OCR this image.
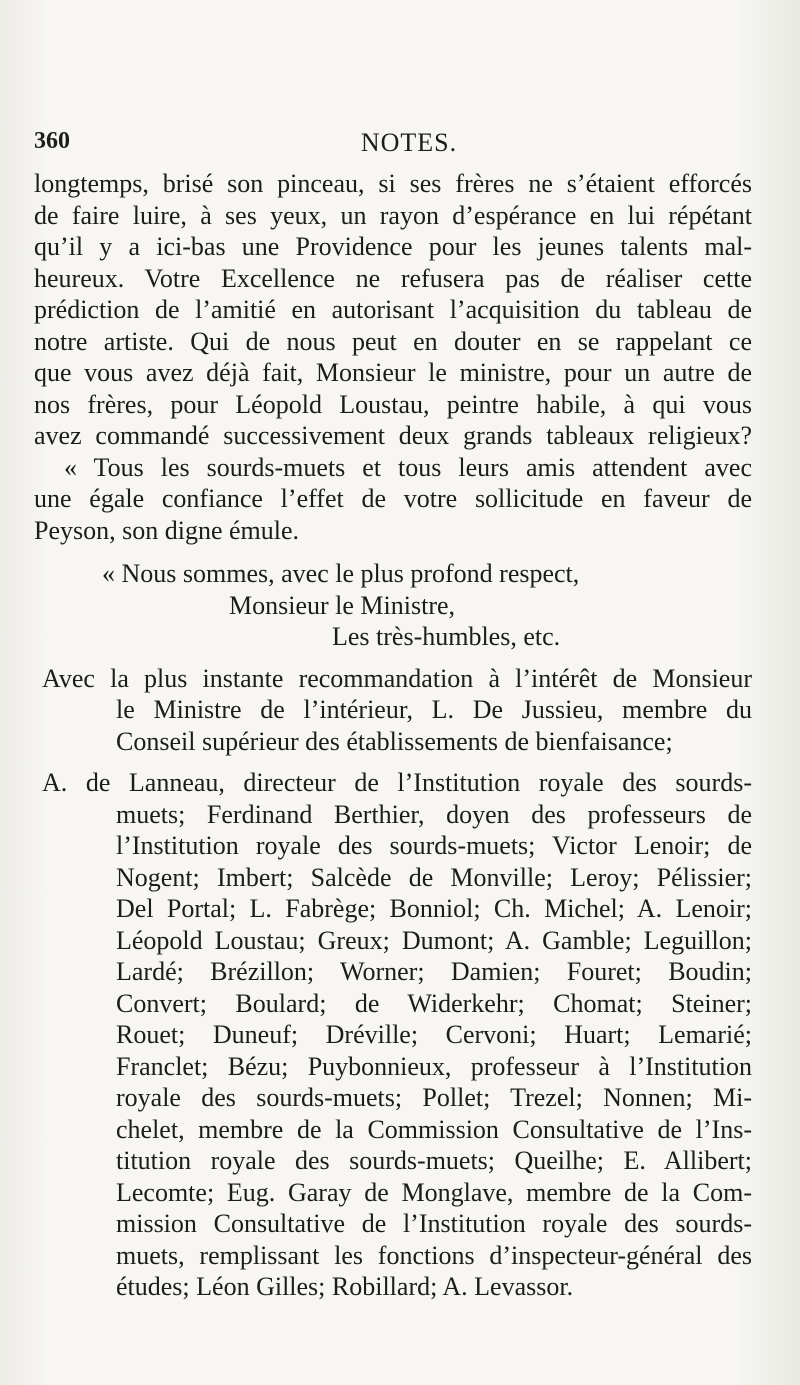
360	NOTES.
longtemps, brisé son pinceau, si ses frères ne s’étaient efforcés
de faire luire, à ses yeux, un rayon d’espérance en lui répétant
qu’il y a ici-bas une Providence pour les jeunes talents mal-
heureux. Votre Excellence ne refusera pas de réaliser cette
prédiction de l’amitié en autorisant l’acquisition du tableau de
notre artiste. Qui de nous peut en douter en se rappelant ce
que vous avez déjà fait, Monsieur le ministre, pour un autre de
nos frères, pour Léopold Loustau, peintre habile, à qui vous
avez commandé successivement deux grands tableaux religieux?
« Tous les sourds-muets et tous leurs amis attendent avec
une égale confiance l’effet de votre sollicitude en faveur de
Peyson, son digne émule.
« Nous sommes, avec le plus profond respect,
Monsieur le Ministre,
Les très-humbles, etc.
Avec la plus instante recommandation à l’intérêt de Monsieur
le Ministre de l’intérieur, L. De Jussieu, membre du
Conseil supérieur des établissements de bienfaisance;
A. de Lanneau, directeur de l’Institution royale des sourds-
muets; Ferdinand Berthier, doyen des professeurs de
l’Institution royale des sourds-muets; Victor Lenoir; de
Nogent; Imbert; Salcède de Monville; Leroy; Pélissier;
Del Portal; L. Fabrège; Bonniol; Ch. Michel; A. Lenoir;
Léopold Loustau; Greux; Dumont; A. Gamble; Leguillon;
Lardé; Brézillon; Worner; Damien; Fouret; Boudin;
Convert; Boulard; de Widerkehr; Chomat; Steiner;
Rouet; Duneuf; Dréville; Cervoni; Huart; Lemarié;
Franclet; Bézu; Puybonnieux, professeur à l’Institution
royale des sourds-muets; Pollet; Trezel; Nonnen; Mi-
chelet, membre de la Commission Consultative de l’Ins-
titution royale des sourds-muets; Queilhe; E. Allibert;
Lecomte; Eug. Garay de Monglave, membre de la Com-
mission Consultative de l’Institution royale des sourds-
muets, remplissant les fonctions d’inspecteur-général des
études; Léon Gilles; Robillard; A. Levassor.
